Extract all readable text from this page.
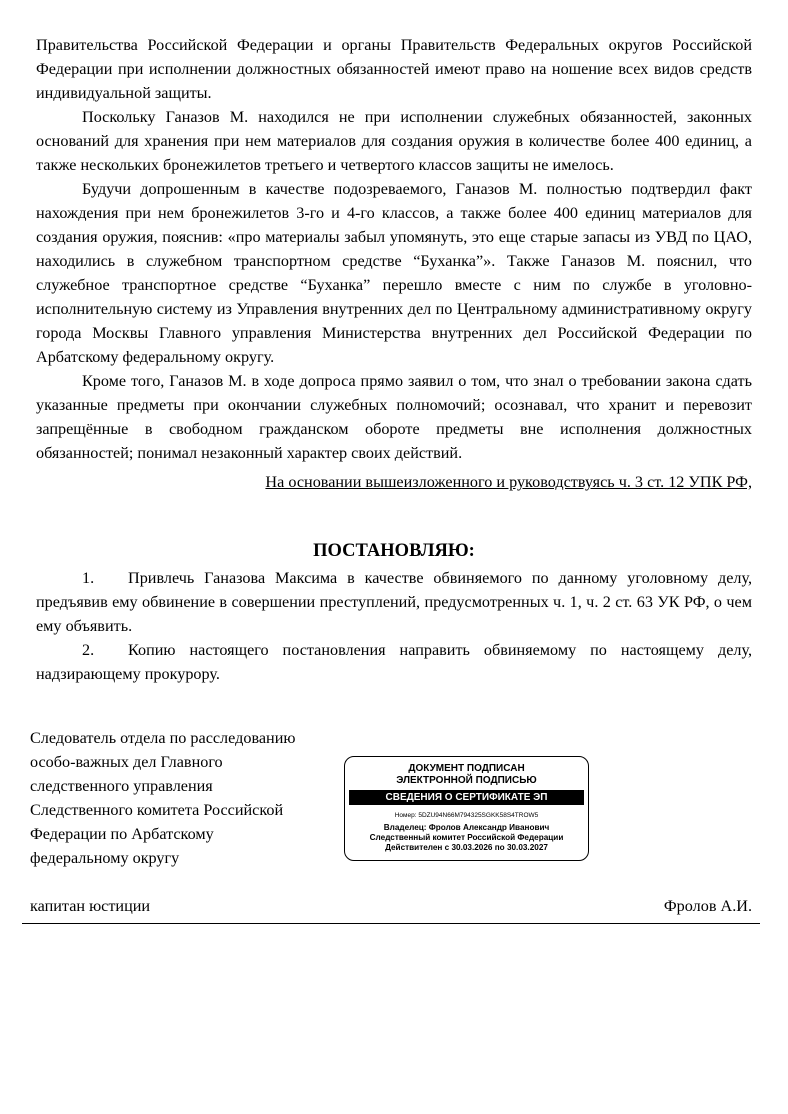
Правительства Российской Федерации и органы Правительств Федеральных округов Российской Федерации при исполнении должностных обязанностей имеют право на ношение всех видов средств индивидуальной защиты.

Поскольку Ганазов М. находился не при исполнении служебных обязанностей, законных оснований для хранения при нем материалов для создания оружия в количестве более 400 единиц, а также нескольких бронежилетов третьего и четвертого классов защиты не имелось.

Будучи допрошенным в качестве подозреваемого, Ганазов М. полностью подтвердил факт нахождения при нем бронежилетов 3-го и 4-го классов, а также более 400 единиц материалов для создания оружия, пояснив: «про материалы забыл упомянуть, это еще старые запасы из УВД по ЦАО, находились в служебном транспортном средстве “Буханка”». Также Ганазов М. пояснил, что служебное транспортное средстве “Буханка” перешло вместе с ним по службе в уголовно-исполнительную систему из Управления внутренних дел по Центральному административному округу города Москвы Главного управления Министерства внутренних дел Российской Федерации по Арбатскому федеральному округу.

Кроме того, Ганазов М. в ходе допроса прямо заявил о том, что знал о требовании закона сдать указанные предметы при окончании служебных полномочий; осознавал, что хранит и перевозит запрещённые в свободном гражданском обороте предметы вне исполнения должностных обязанностей; понимал незаконный характер своих действий.

На основании вышеизложенного и руководствуясь ч. 3 ст. 12 УПК РФ,
ПОСТАНОВЛЯЮ:

1. Привлечь Ганазова Максима в качестве обвиняемого по данному уголовному делу, предъявив ему обвинение в совершении преступлений, предусмотренных ч. 1, ч. 2 ст. 63 УК РФ, о чем ему объявить.

2. Копию настоящего постановления направить обвиняемому по настоящему делу, надзирающему прокурору.

Следователь отдела по расследованию
особо-важных дел Главного
следственного управления
Следственного комитета Российской
Федерации по Арбатскому
федеральному округу
ДОКУМЕНТ ПОДПИСАН
ЭЛЕКТРОННОЙ ПОДПИСЬЮ
СВЕДЕНИЯ О СЕРТИФИКАТЕ ЭП
Номер: 5DZU94N66M794325SGKK58S4TROW5
Владелец: Фролов Александр Иванович
Следственный комитет Российской Федерации
Действителен с 30.03.2026 по 30.03.2027
капитан юстиции	Фролов А.И.
